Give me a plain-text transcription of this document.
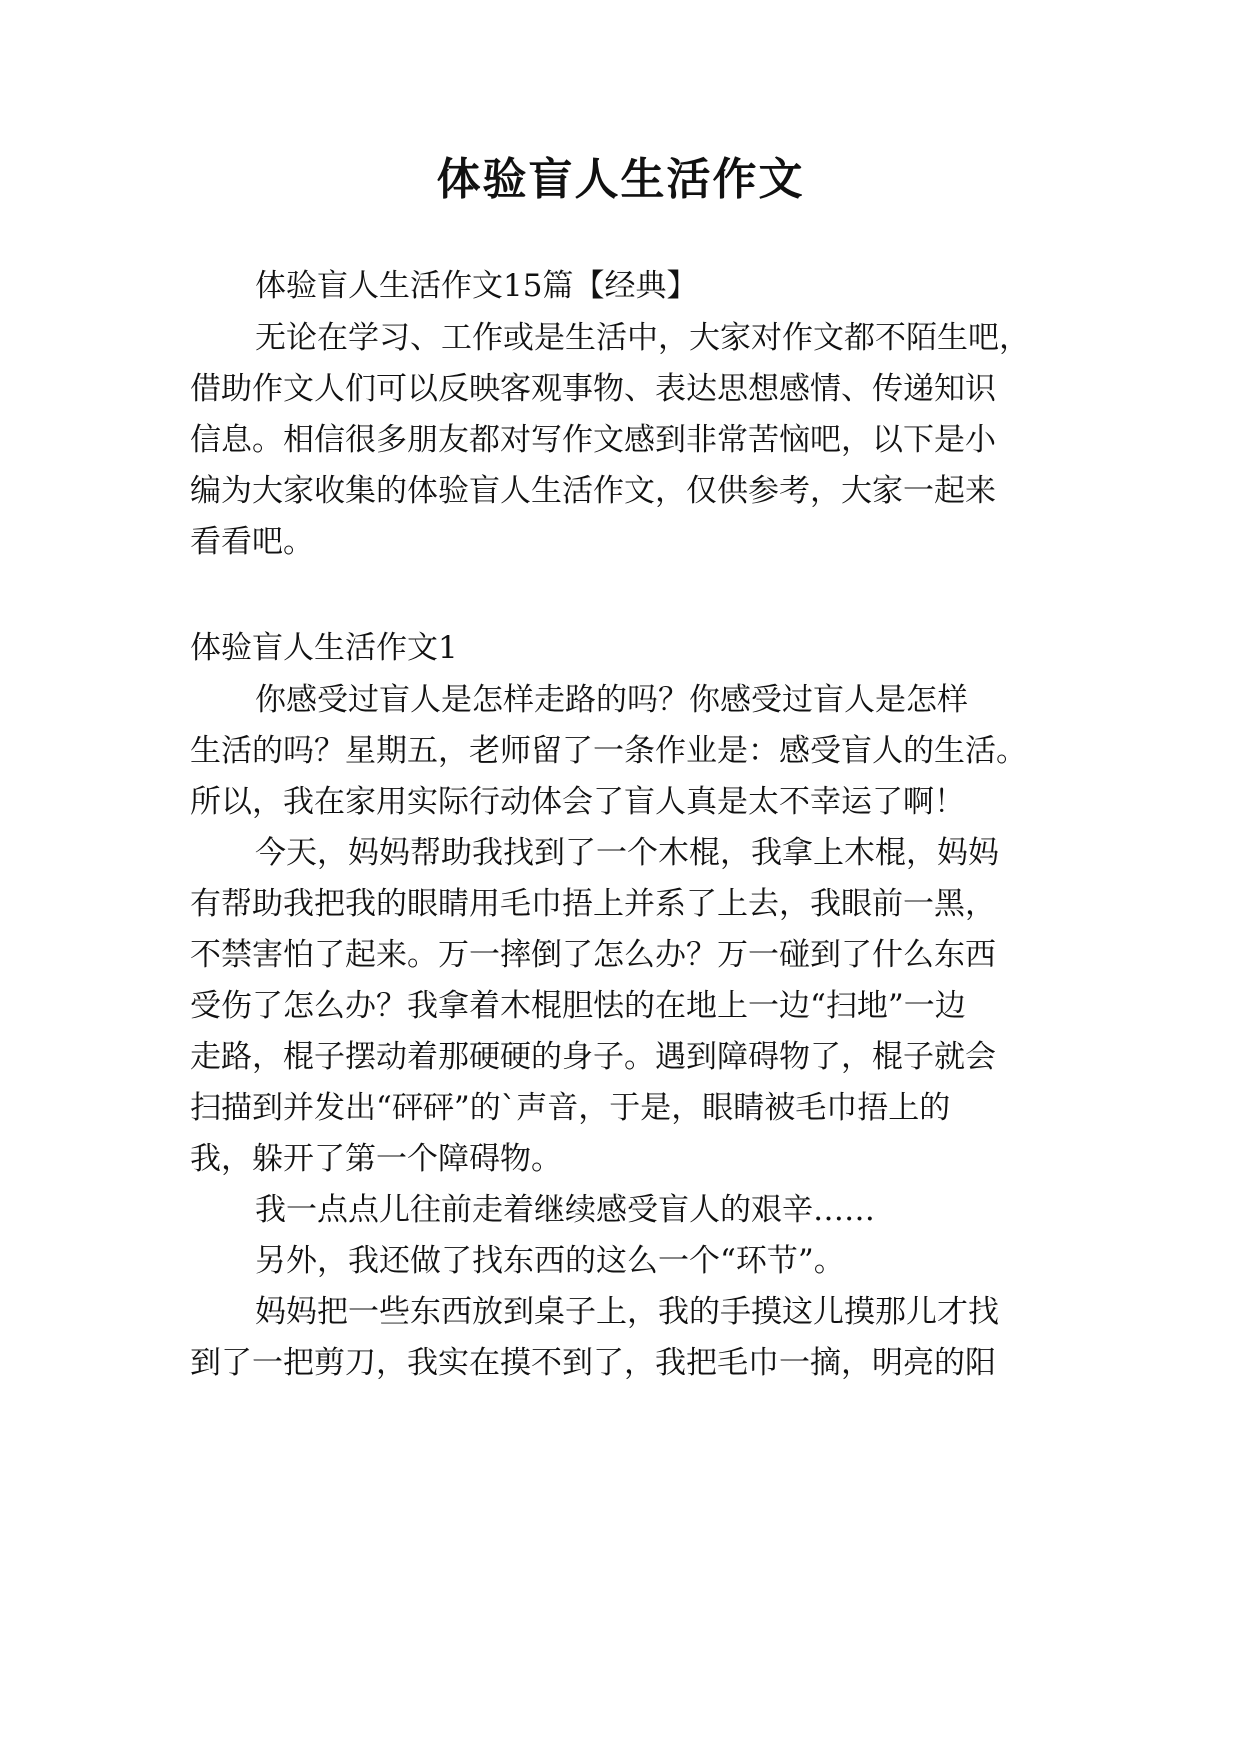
体验盲人生活作文
体验盲人生活作文15篇【经典】
无论在学习、工作或是生活中，大家对作文都不陌生吧，
借助作文人们可以反映客观事物、表达思想感情、传递知识
信息。相信很多朋友都对写作文感到非常苦恼吧，以下是小
编为大家收集的体验盲人生活作文，仅供参考，大家一起来
看看吧。
体验盲人生活作文1
你感受过盲人是怎样走路的吗？你感受过盲人是怎样
生活的吗？星期五，老师留了一条作业是：感受盲人的生活。
所以，我在家用实际行动体会了盲人真是太不幸运了啊！
今天，妈妈帮助我找到了一个木棍，我拿上木棍，妈妈
有帮助我把我的眼睛用毛巾捂上并系了上去，我眼前一黑，
不禁害怕了起来。万一摔倒了怎么办？万一碰到了什么东西
受伤了怎么办？我拿着木棍胆怯的在地上一边“扫地”一边
走路，棍子摆动着那硬硬的身子。遇到障碍物了，棍子就会
扫描到并发出“砰砰”的`声音，于是，眼睛被毛巾捂上的
我，躲开了第一个障碍物。
我一点点儿往前走着继续感受盲人的艰辛……
另外，我还做了找东西的这么一个“环节”。
妈妈把一些东西放到桌子上，我的手摸这儿摸那儿才找
到了一把剪刀，我实在摸不到了，我把毛巾一摘，明亮的阳
